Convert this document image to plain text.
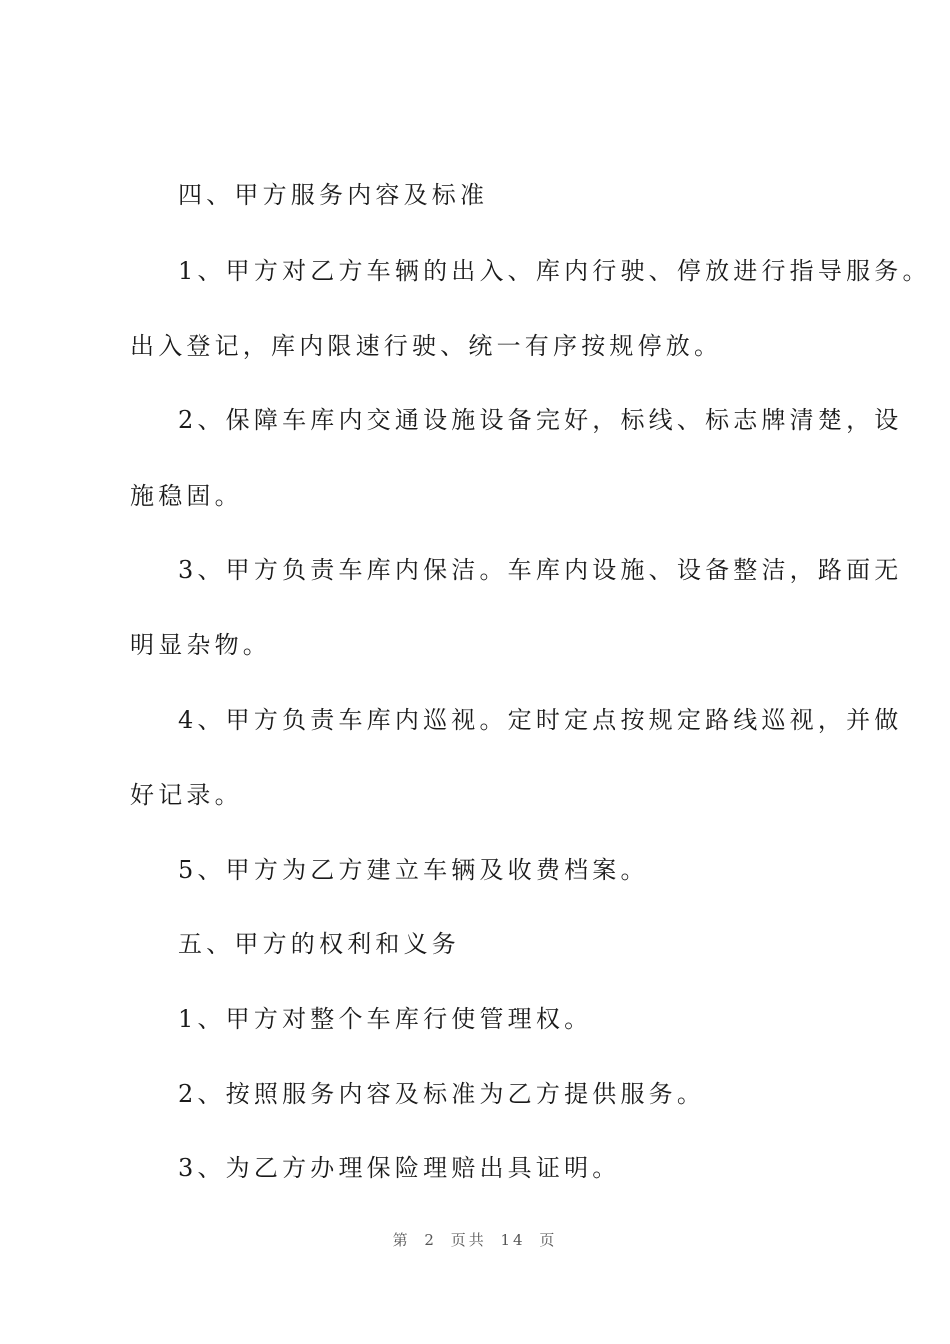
四、甲方服务内容及标准
1、甲方对乙方车辆的出入、库内行驶、停放进行指导服务。
出入登记，库内限速行驶、统一有序按规停放。
2、保障车库内交通设施设备完好，标线、标志牌清楚，设
施稳固。
3、甲方负责车库内保洁。车库内设施、设备整洁，路面无
明显杂物。
4、甲方负责车库内巡视。定时定点按规定路线巡视，并做
好记录。
5、甲方为乙方建立车辆及收费档案。
五、甲方的权利和义务
1、甲方对整个车库行使管理权。
2、按照服务内容及标准为乙方提供服务。
3、为乙方办理保险理赔出具证明。
第 2 页共 14 页
